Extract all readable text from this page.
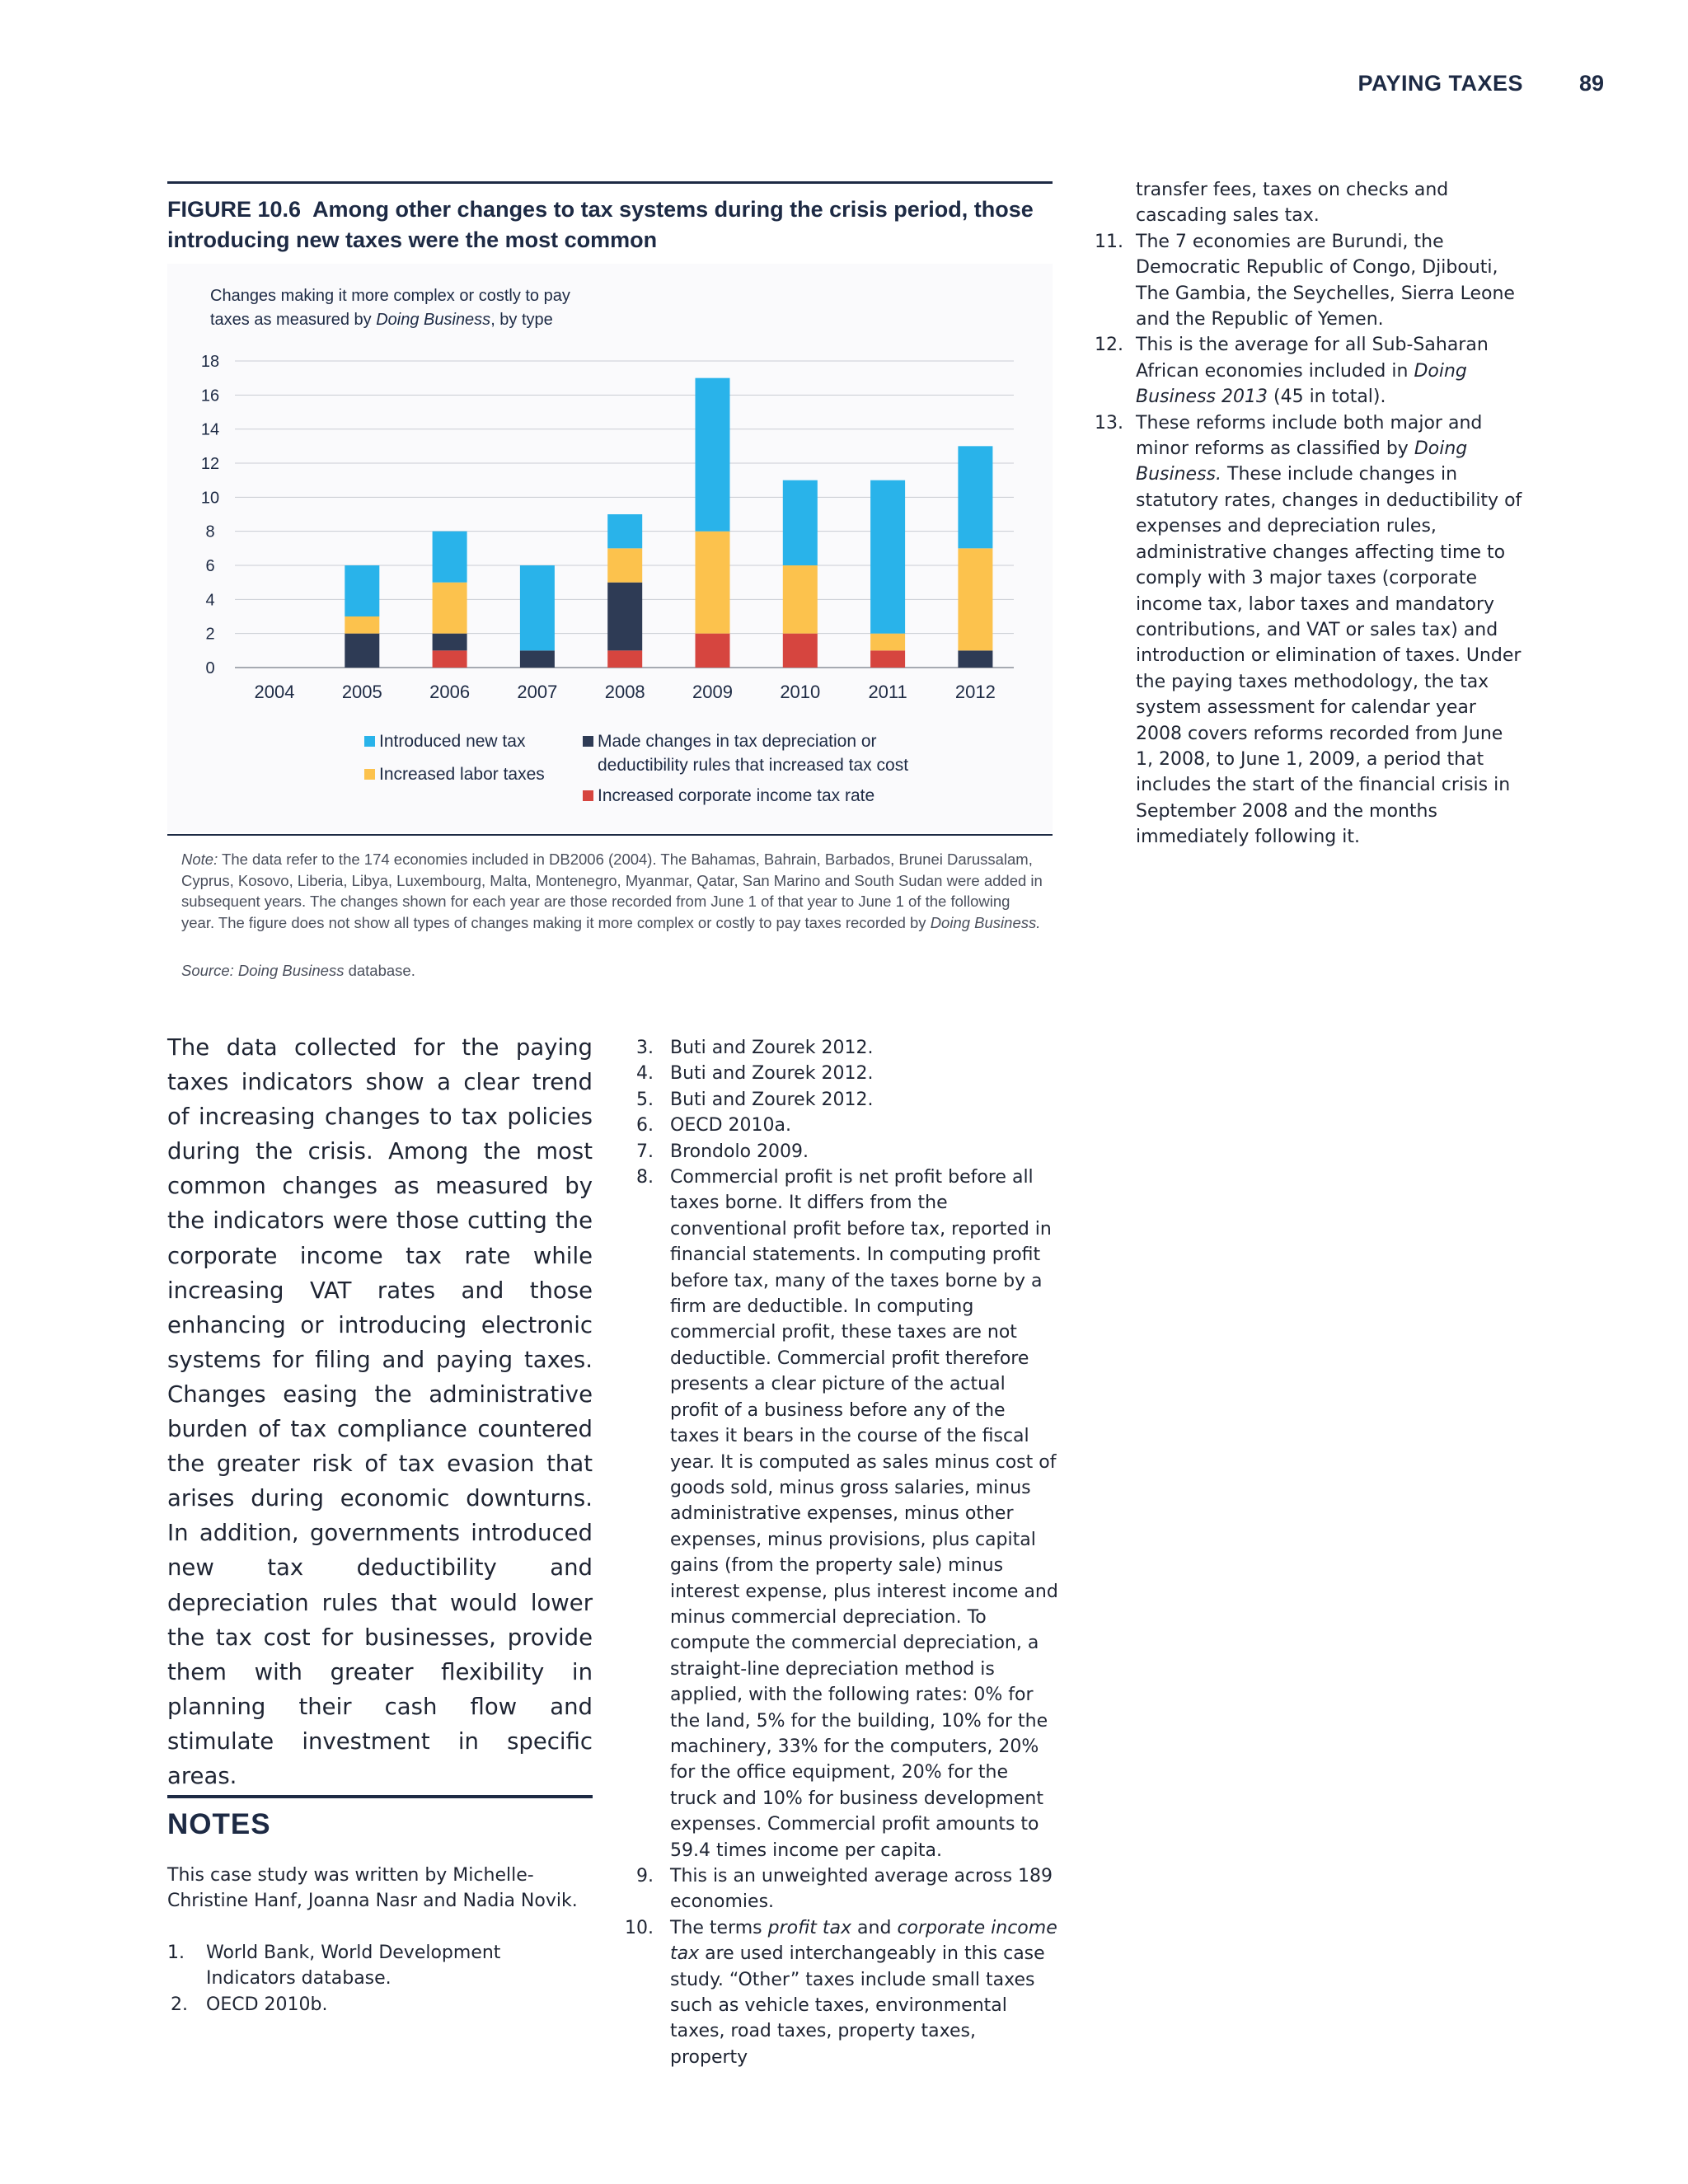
PAYING TAXES	89
FIGURE 10.6 Among other changes to tax systems during the crisis period, those introducing new taxes were the most common
Changes making it more complex or costly to pay
taxes as measured by Doing Business, by type
0
2
4
6
8
10
12
14
16
18
2004	2005	2006	2007	2008	2009	2010	2011	2012
Introduced new tax
Increased labor taxes
Made changes in tax depreciation or
deductibility rules that increased tax cost
Increased corporate income tax rate
Note: The data refer to the 174 economies included in DB2006 (2004). The Bahamas, Bahrain, Barbados, Brunei Darussalam, Cyprus, Kosovo, Liberia, Libya, Luxembourg, Malta, Montenegro, Myanmar, Qatar, San Marino and South Sudan were added in subsequent years. The changes shown for each year are those recorded from June 1 of that year to June 1 of the following year. The figure does not show all types of changes making it more complex or costly to pay taxes recorded by Doing Business.
Source: Doing Business database.

The data collected for the paying taxes indicators show a clear trend of increasing changes to tax policies during the crisis. Among the most common changes as measured by the indicators were those cutting the corporate income tax rate while increasing VAT rates and those enhancing or introducing electronic systems for filing and paying taxes. Changes easing the administrative burden of tax compliance countered the greater risk of tax evasion that arises during economic downturns. In addition, governments introduced new tax deductibility and depreciation rules that would lower the tax cost for businesses, provide them with greater flexibility in planning their cash flow and stimulate investment in specific areas.

NOTES

This case study was written by Michelle-Christine Hanf, Joanna Nasr and Nadia Novik.

1.	World Bank, World Development Indicators database.
2.	OECD 2010b.
3. Buti and Zourek 2012.
4. Buti and Zourek 2012.
5. Buti and Zourek 2012.
6. OECD 2010a.
7. Brondolo 2009.
8. Commercial profit is net profit before all taxes borne. It differs from the conventional profit before tax, reported in financial statements. In computing profit before tax, many of the taxes borne by a firm are deductible. In computing commercial profit, these taxes are not deductible. Commercial profit therefore presents a clear picture of the actual profit of a business before any of the taxes it bears in the course of the fiscal year. It is computed as sales minus cost of goods sold, minus gross salaries, minus administrative expenses, minus other expenses, minus provisions, plus capital gains (from the property sale) minus interest expense, plus interest income and minus commercial depreciation. To compute the commercial depreciation, a straight-line depreciation method is applied, with the following rates: 0% for the land, 5% for the building, 10% for the machinery, 33% for the computers, 20% for the office equipment, 20% for the truck and 10% for business development expenses. Commercial profit amounts to 59.4 times income per capita.
9. This is an unweighted average across 189 economies.
10. The terms profit tax and corporate income tax are used interchangeably in this case study. “Other” taxes include small taxes such as vehicle taxes, environmental taxes, road taxes, property taxes, property
transfer fees, taxes on checks and cascading sales tax.
11. The 7 economies are Burundi, the Democratic Republic of Congo, Djibouti, The Gambia, the Seychelles, Sierra Leone and the Republic of Yemen.
12. This is the average for all Sub-Saharan African economies included in Doing Business 2013 (45 in total).
13. These reforms include both major and minor reforms as classified by Doing Business. These include changes in statutory rates, changes in deductibility of expenses and depreciation rules, administrative changes affecting time to comply with 3 major taxes (corporate income tax, labor taxes and mandatory contributions, and VAT or sales tax) and introduction or elimination of taxes. Under the paying taxes methodology, the tax system assessment for calendar year 2008 covers reforms recorded from June 1, 2008, to June 1, 2009, a period that includes the start of the financial crisis in September 2008 and the months immediately following it.
